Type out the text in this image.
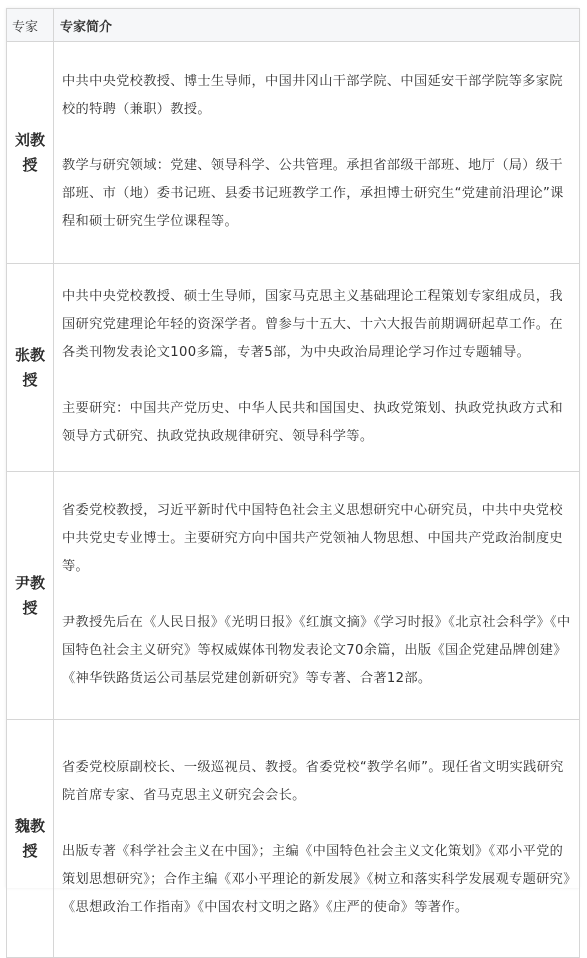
专家	专家简介
刘教授	中共中央党校教授、博士生导师，中国井冈山干部学院、中国延安干部学院等多家院校的特聘（兼职）教授。

教学与研究领域：党建、领导科学、公共管理。承担省部级干部班、地厅（局）级干部班、市（地）委书记班、县委书记班教学工作，承担博士研究生“党建前沿理论”课程和硕士研究生学位课程等。

张教授	中共中央党校教授、硕士生导师，国家马克思主义基础理论工程策划专家组成员，我国研究党建理论年轻的资深学者。曾参与十五大、十六大报告前期调研起草工作。在各类刊物发表论文100多篇，专著5部，为中央政治局理论学习作过专题辅导。

主要研究：中国共产党历史、中华人民共和国国史、执政党策划、执政党执政方式和领导方式研究、执政党执政规律研究、领导科学等。

尹教授	省委党校教授，习近平新时代中国特色社会主义思想研究中心研究员，中共中央党校中共党史专业博士。主要研究方向中国共产党领袖人物思想、中国共产党政治制度史等。

尹教授先后在《人民日报》《光明日报》《红旗文摘》《学习时报》《北京社会科学》《中国特色社会主义研究》等权威媒体刊物发表论文70余篇，出版《国企党建品牌创建》《神华铁路货运公司基层党建创新研究》等专著、合著12部。

魏教授	省委党校原副校长、一级巡视员、教授。省委党校“教学名师”。现任省文明实践研究院首席专家、省马克思主义研究会会长。

出版专著《科学社会主义在中国》；主编《中国特色社会主义文化策划》《邓小平党的策划思想研究》；合作主编《邓小平理论的新发展》《树立和落实科学发展观专题研究》《思想政治工作指南》《中国农村文明之路》《庄严的使命》等著作。
